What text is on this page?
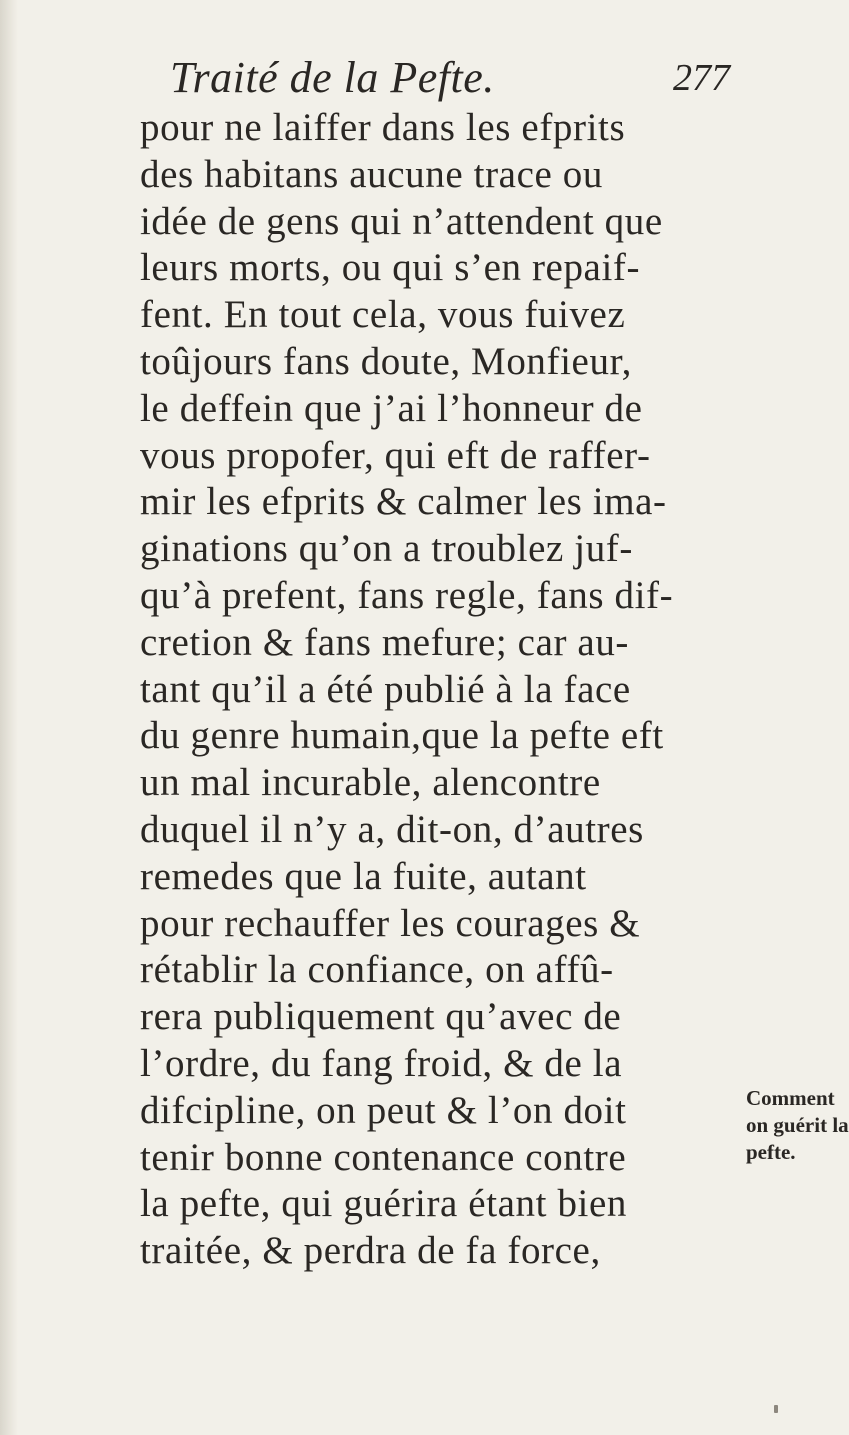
Traité de la Pefte.	277
pour ne laiffer dans les efprits
des habitans aucune trace ou
idée de gens qui n’attendent que
leurs morts, ou qui s’en repaif-
fent. En tout cela, vous fuivez
toûjours fans doute, Monfieur,
le deffein que j’ai l’honneur de
vous propofer, qui eft de raffer-
mir les efprits & calmer les ima-
ginations qu’on a troublez juf-
qu’à prefent, fans regle, fans dif-
cretion & fans mefure; car au-
tant qu’il a été publié à la face
du genre humain,que la pefte eft
un mal incurable, alencontre
duquel il n’y a, dit-on, d’autres
remedes que la fuite, autant
pour rechauffer les courages &
rétablir la confiance, on affû-
rera publiquement qu’avec de
l’ordre, du fang froid, & de la
difcipline, on peut & l’on doit
tenir bonne contenance contre
la pefte, qui guérira étant bien
traitée, & perdra de fa force,
Comment
on guérit la
pefte.
